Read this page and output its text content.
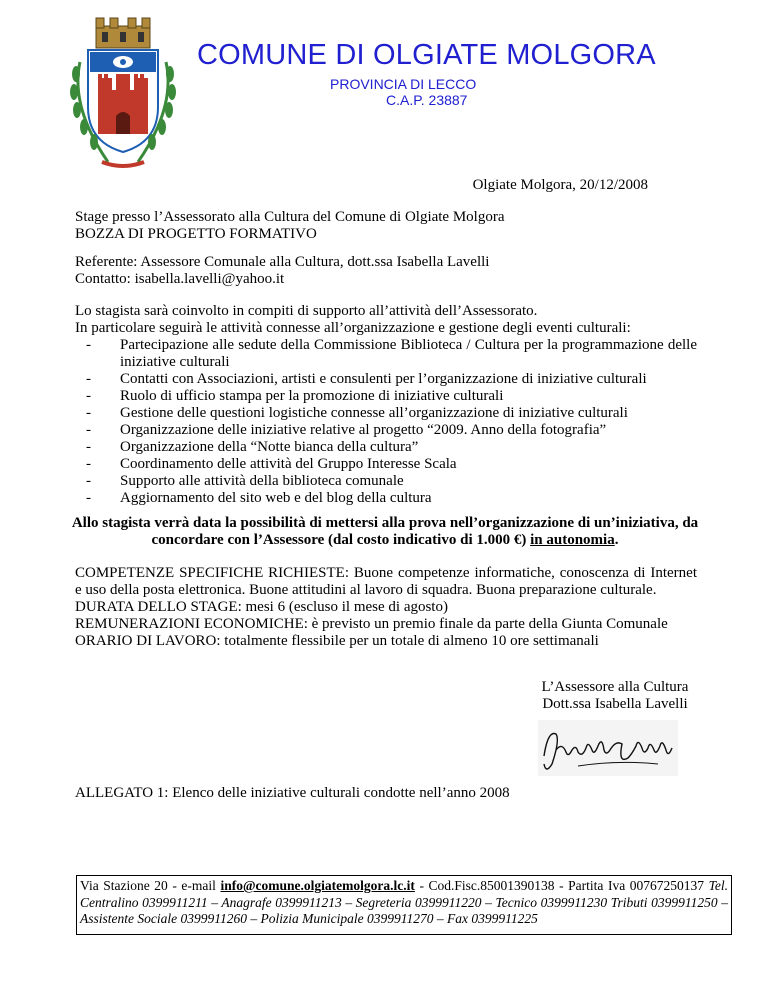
COMUNE DI OLGIATE MOLGORA
PROVINCIA DI LECCO
C.A.P. 23887
Olgiate Molgora, 20/12/2008
Stage presso l’Assessorato alla Cultura del Comune di Olgiate Molgora
BOZZA DI PROGETTO FORMATIVO
Referente: Assessore Comunale alla Cultura, dott.ssa Isabella Lavelli
Contatto: isabella.lavelli@yahoo.it
Lo stagista sarà coinvolto in compiti di supporto all’attività dell’Assessorato.
In particolare seguirà le attività connesse all’organizzazione e gestione degli eventi culturali:
- Partecipazione alle sedute della Commissione Biblioteca / Cultura per la programmazione delle iniziative culturali
- Contatti con Associazioni, artisti e consulenti per l’organizzazione di iniziative culturali
- Ruolo di ufficio stampa per la promozione di iniziative culturali
- Gestione delle questioni logistiche connesse all’organizzazione di iniziative culturali
- Organizzazione delle iniziative relative al progetto “2009. Anno della fotografia”
- Organizzazione della “Notte bianca della cultura”
- Coordinamento delle attività del Gruppo Interesse Scala
- Supporto alle attività della biblioteca comunale
- Aggiornamento del sito web e del blog della cultura
Allo stagista verrà data la possibilità di mettersi alla prova nell’organizzazione di un’iniziativa, da concordare con l’Assessore (dal costo indicativo di 1.000 €) in autonomia.
COMPETENZE SPECIFICHE RICHIESTE: Buone competenze informatiche, conoscenza di Internet e uso della posta elettronica. Buone attitudini al lavoro di squadra. Buona preparazione culturale.
DURATA DELLO STAGE: mesi 6 (escluso il mese di agosto)
REMUNERAZIONI ECONOMICHE: è previsto un premio finale da parte della Giunta Comunale
ORARIO DI LAVORO: totalmente flessibile per un totale di almeno 10 ore settimanali
L’Assessore alla Cultura
Dott.ssa Isabella Lavelli
ALLEGATO 1: Elenco delle iniziative culturali condotte nell’anno 2008
Via Stazione 20 - e-mail info@comune.olgiatemolgora.lc.it - Cod.Fisc.85001390138 - Partita Iva 00767250137 Tel. Centralino 0399911211 – Anagrafe 0399911213 – Segreteria 0399911220 – Tecnico 0399911230 Tributi 0399911250 – Assistente Sociale 0399911260 – Polizia Municipale 0399911270 – Fax 0399911225
